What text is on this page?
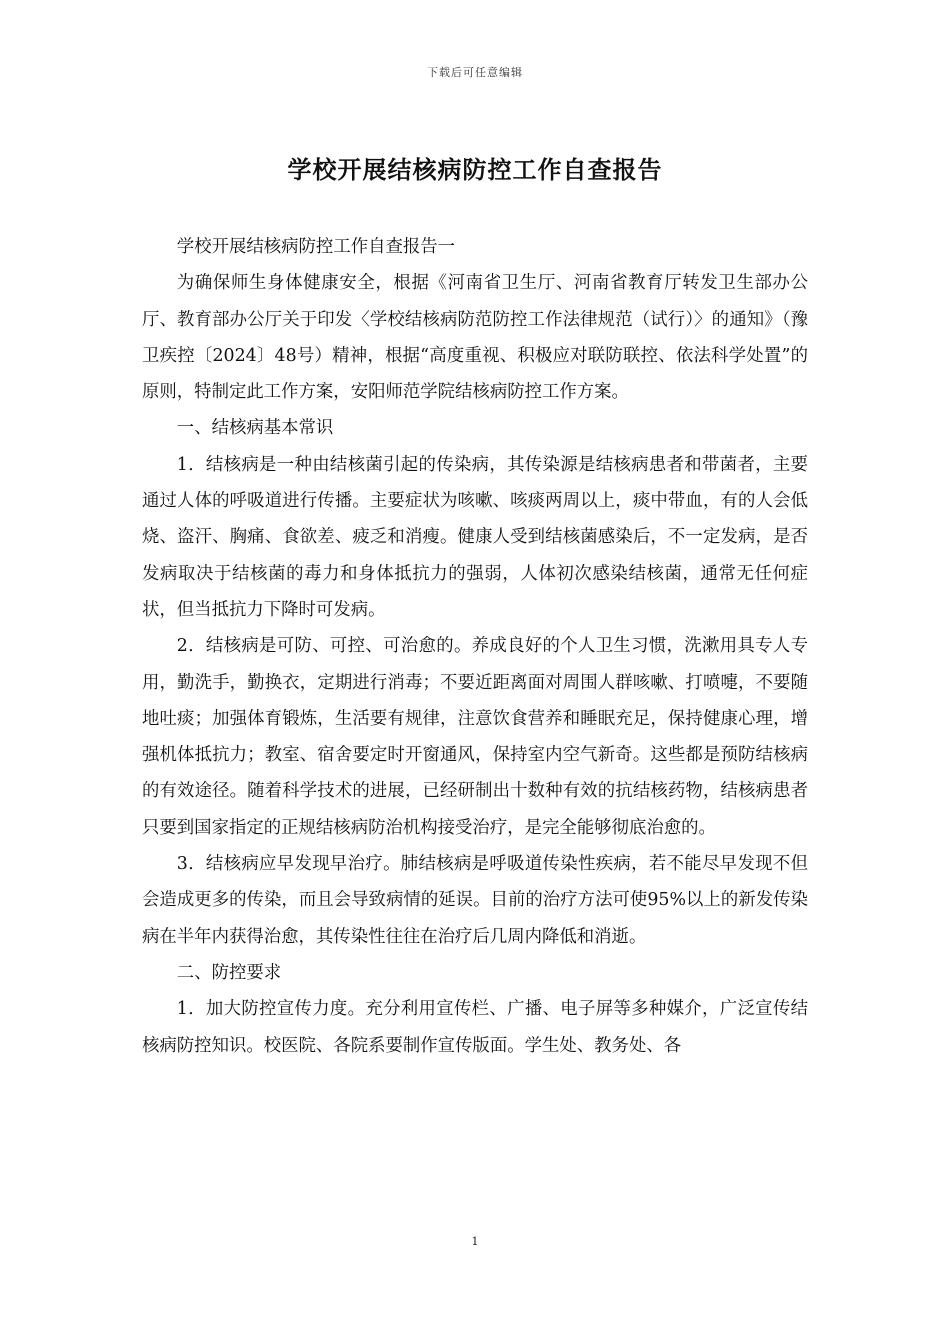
下载后可任意编辑
学校开展结核病防控工作自查报告

学校开展结核病防控工作自查报告一

为确保师生身体健康安全，根据《河南省卫生厅、河南省教育厅转发卫生部办公厅、教育部办公厅关于印发〈学校结核病防范防控工作法律规范（试行）〉的通知》（豫卫疾控〔2024〕48号）精神，根据“高度重视、积极应对联防联控、依法科学处置”的原则，特制定此工作方案，安阳师范学院结核病防控工作方案。

一、结核病基本常识

1．结核病是一种由结核菌引起的传染病，其传染源是结核病患者和带菌者，主要通过人体的呼吸道进行传播。主要症状为咳嗽、咳痰两周以上，痰中带血，有的人会低烧、盗汗、胸痛、食欲差、疲乏和消瘦。健康人受到结核菌感染后，不一定发病，是否发病取决于结核菌的毒力和身体抵抗力的强弱，人体初次感染结核菌，通常无任何症状，但当抵抗力下降时可发病。

2．结核病是可防、可控、可治愈的。养成良好的个人卫生习惯，洗漱用具专人专用，勤洗手，勤换衣，定期进行消毒；不要近距离面对周围人群咳嗽、打喷嚏，不要随地吐痰；加强体育锻炼，生活要有规律，注意饮食营养和睡眠充足，保持健康心理，增强机体抵抗力；教室、宿舍要定时开窗通风，保持室内空气新奇。这些都是预防结核病的有效途径。随着科学技术的进展，已经研制出十数种有效的抗结核药物，结核病患者只要到国家指定的正规结核病防治机构接受治疗，是完全能够彻底治愈的。

3．结核病应早发现早治疗。肺结核病是呼吸道传染性疾病，若不能尽早发现不但会造成更多的传染，而且会导致病情的延误。目前的治疗方法可使95%以上的新发传染病在半年内获得治愈，其传染性往往在治疗后几周内降低和消逝。

二、防控要求

1．加大防控宣传力度。充分利用宣传栏、广播、电子屏等多种媒介，广泛宣传结核病防控知识。校医院、各院系要制作宣传版面。学生处、教务处、各

1
